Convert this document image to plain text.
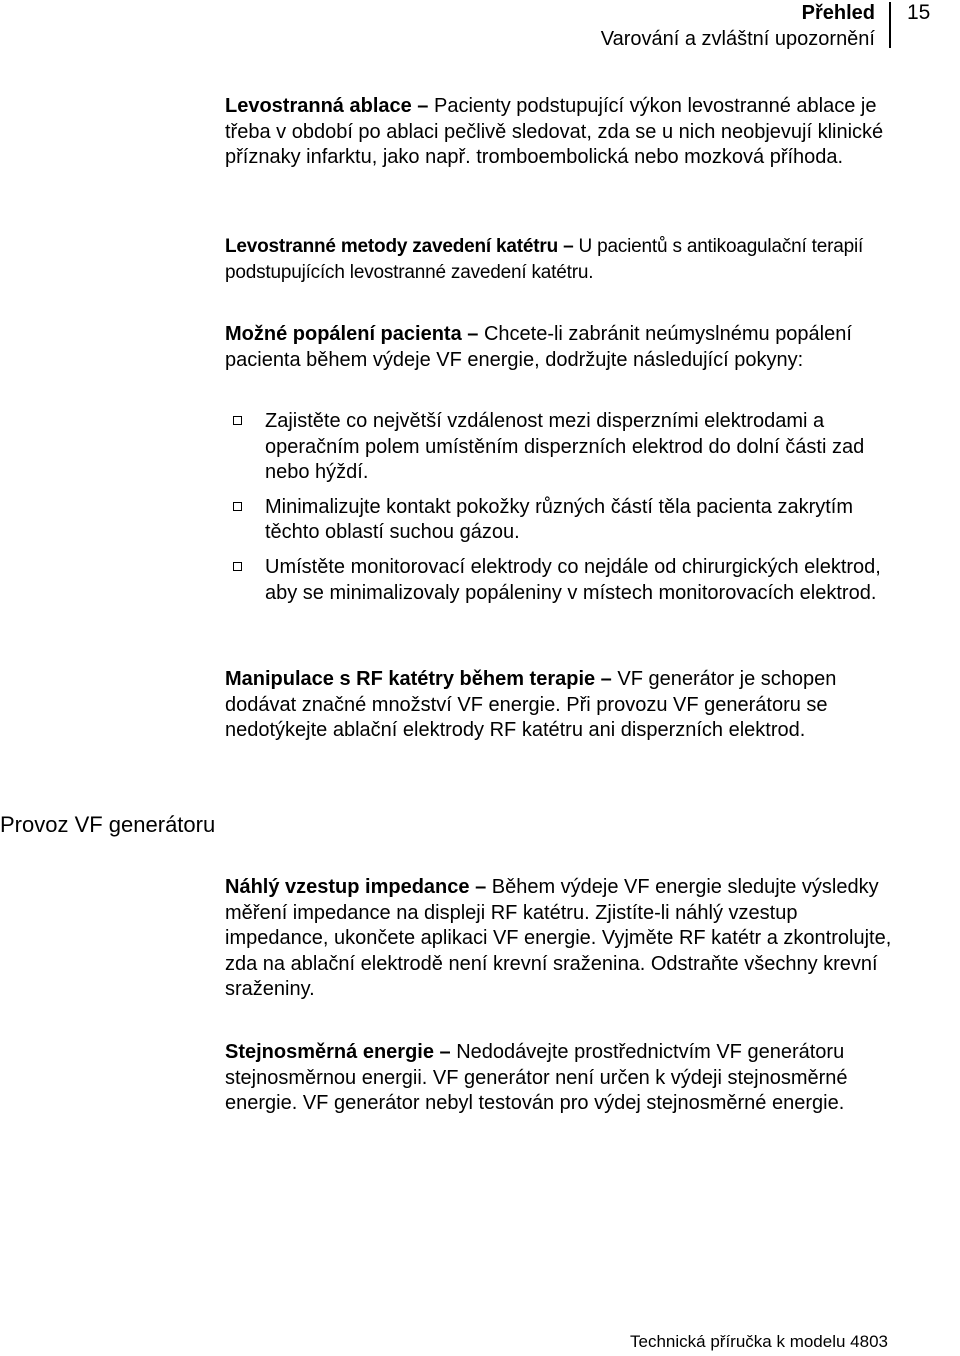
Přehled
Varování a zvláštní upozornění
15

Levostranná ablace – Pacienty podstupující výkon levostranné ablace je třeba v období po ablaci pečlivě sledovat, zda se u nich neobjevují klinické příznaky infarktu, jako např. tromboembolická nebo mozková příhoda.

Levostranné metody zavedení katétru – U pacientů s antikoagulační terapií podstupujících levostranné zavedení katétru.

Možné popálení pacienta – Chcete-li zabránit neúmyslnému popálení pacienta během výdeje VF energie, dodržujte následující pokyny:

Zajistěte co největší vzdálenost mezi disperzními elektrodami a operačním polem umístěním disperzních elektrod do dolní části zad nebo hýždí.
Minimalizujte kontakt pokožky různých částí těla pacienta zakrytím těchto oblastí suchou gázou.
Umístěte monitorovací elektrody co nejdále od chirurgických elektrod, aby se minimalizovaly popáleniny v místech monitorovacích elektrod.

Manipulace s RF katétry během terapie – VF generátor je schopen dodávat značné množství VF energie. Při provozu VF generátoru se nedotýkejte ablační elektrody RF katétru ani disperzních elektrod.

Provoz VF generátoru

Náhlý vzestup impedance – Během výdeje VF energie sledujte výsledky měření impedance na displeji RF katétru. Zjistíte-li náhlý vzestup impedance, ukončete aplikaci VF energie. Vyjměte RF katétr a zkontrolujte, zda na ablační elektrodě není krevní sraženina. Odstraňte všechny krevní sraženiny.

Stejnosměrná energie – Nedodávejte prostřednictvím VF generátoru stejnosměrnou energii. VF generátor není určen k výdeji stejnosměrné energie. VF generátor nebyl testován pro výdej stejnosměrné energie.

Technická příručka k modelu 4803
